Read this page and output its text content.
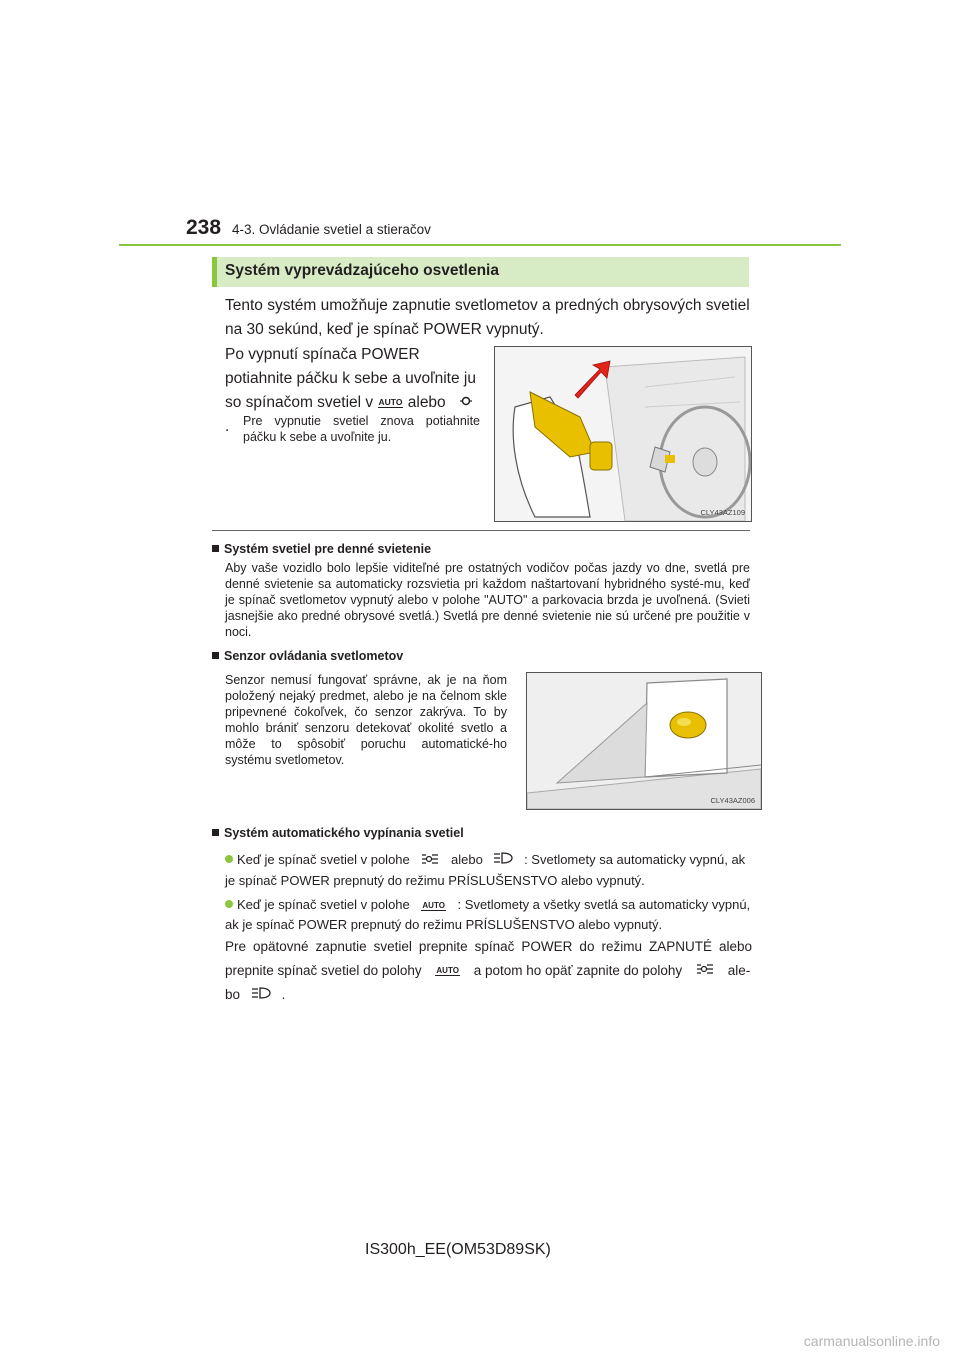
238 4-3. Ovládanie svetiel a stieračov
Systém vyprevádzajúceho osvetlenia
Tento systém umožňuje zapnutie svetlometov a predných obrysových svetiel na 30 sekúnd, keď je spínač POWER vypnutý.
Po vypnutí spínača POWER potiahnite páčku k sebe a uvoľnite ju so spínačom svetiel v AUTO alebo  .	Pre vypnutie svetiel znova potiahnite páčku k sebe a uvoľnite ju.
CLY43AZ109
Systém svetiel pre denné svietenie
Aby vaše vozidlo bolo lepšie viditeľné pre ostatných vodičov počas jazdy vo dne, svetlá pre denné svietenie sa automaticky rozsvietia pri každom naštartovaní hybridného systé-mu, keď je spínač svetlometov vypnutý alebo v polohe "AUTO" a parkovacia brzda je uvoľnená. (Svieti jasnejšie ako predné obrysové svetlá.) Svetlá pre denné svietenie nie sú určené pre použitie v noci.
Senzor ovládania svetlometov
Senzor nemusí fungovať správne, ak je na ňom položený nejaký predmet, alebo je na čelnom skle pripevnené čokoľvek, čo senzor zakrýva. To by mohlo brániť senzoru detekovať okolité svetlo a môže to spôsobiť poruchu automatické-ho systému svetlometov.
CLY43AZ006
Systém automatického vypínania svetiel
Keď je spínač svetiel v polohe	alebo	: Svetlomety sa automaticky vypnú, ak je spínač POWER prepnutý do režimu PRÍSLUŠENSTVO alebo vypnutý.
Keď je spínač svetiel v polohe AUTO : Svetlomety a všetky svetlá sa automaticky vypnú, ak je spínač POWER prepnutý do režimu PRÍSLUŠENSTVO alebo vypnutý.
Pre opätovné zapnutie svetiel prepnite spínač POWER do režimu ZAPNUTÉ alebo prepnite spínač svetiel do polohy AUTO a potom ho opäť zapnite do polohy	ale-
bo	.
IS300h_EE(OM53D89SK)
carmanualsonline.info
